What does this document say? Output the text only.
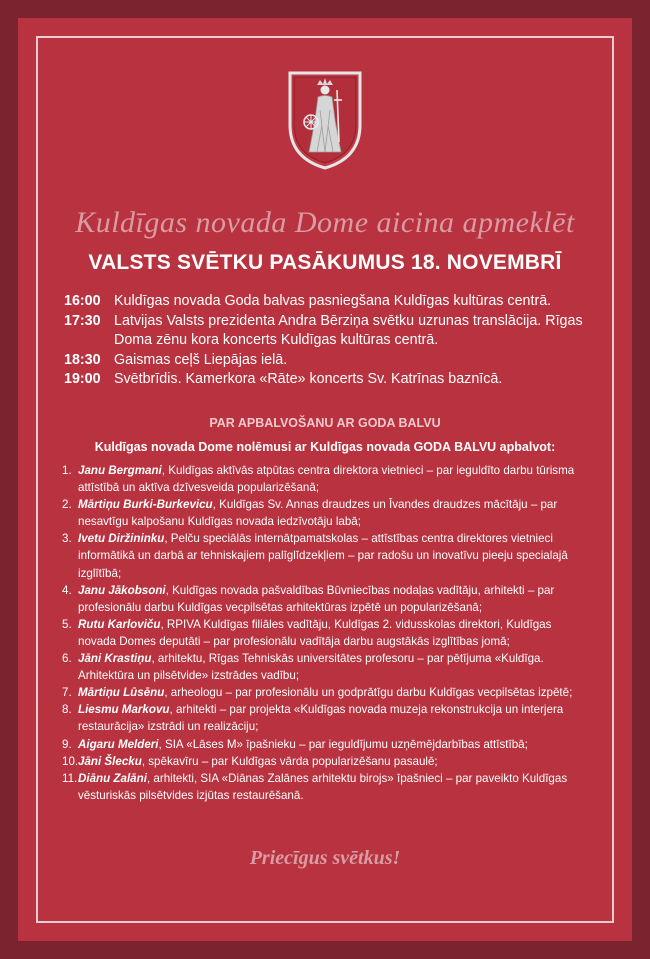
Kuldīgas novada Dome aicina apmeklēt
VALSTS SVĒTKU PASĀKUMUS 18. NOVEMBRĪ
16:00 Kuldīgas novada Goda balvas pasniegšana Kuldīgas kultūras centrā.
17:30 Latvijas Valsts prezidenta Andra Bērziņa svētku uzrunas translācija. Rīgas Doma zēnu kora koncerts Kuldīgas kultūras centrā.
18:30 Gaismas ceļš Liepājas ielā.
19:00 Svētbrīdis. Kamerkora «Rāte» koncerts Sv. Katrīnas baznīcā.
PAR APBALVOŠANU AR GODA BALVU
Kuldīgas novada Dome nolēmusi ar Kuldīgas novada GODA BALVU apbalvot:
1. Janu Bergmani, Kuldīgas aktīvās atpūtas centra direktora vietnieci – par ieguldīto darbu tūrisma attīstībā un aktīva dzīvesveida popularizēšanā;
2. Mārtiņu Burki-Burkevicu, Kuldīgas Sv. Annas draudzes un Īvandes draudzes mācītāju – par nesavtīgu kalpošanu Kuldīgas novada iedzīvotāju labā;
3. Ivetu Diržininku, Pelču speciālās internātpamatskolas – attīstības centra direktores vietnieci informātikā un darbā ar tehniskajiem palīglīdzekļiem – par radošu un inovatīvu pieeju specialajā izglītībā;
4. Janu Jākobsoni, Kuldīgas novada pašvaldības Būvniecības nodaļas vadītāju, arhitekti – par profesionālu darbu Kuldīgas vecpilsētas arhitektūras izpētē un popularizēšanā;
5. Rutu Karloviču, RPIVA Kuldīgas filiāles vadītāju, Kuldīgas 2. vidusskolas direktori, Kuldīgas novada Domes deputāti – par profesionālu vadītāja darbu augstākās izglītības jomā;
6. Jāni Krastiņu, arhitektu, Rīgas Tehniskās universitātes profesoru – par pētījuma «Kuldīga. Arhitektūra un pilsētvide» izstrādes vadību;
7. Mārtiņu Lūsēnu, arheologu – par profesionālu un godprātīgu darbu Kuldīgas vecpilsētas izpētē;
8. Liesmu Markovu, arhitekti – par projekta «Kuldīgas novada muzeja rekonstrukcija un interjera restaurācija» izstrādi un realizāciju;
9. Aigaru Melderi, SIA «Lāses M» īpašnieku – par ieguldījumu uzņēmējdarbības attīstībā;
10. Jāni Šlecku, spēkavīru – par Kuldīgas vārda popularizēšanu pasaulē;
11. Diānu Zalāni, arhitekti, SIA «Diānas Zalānes arhitektu birojs» īpašnieci – par paveikto Kuldīgas vēsturiskās pilsētvides izjūtas restaurēšanā.
Priecīgus svētkus!
